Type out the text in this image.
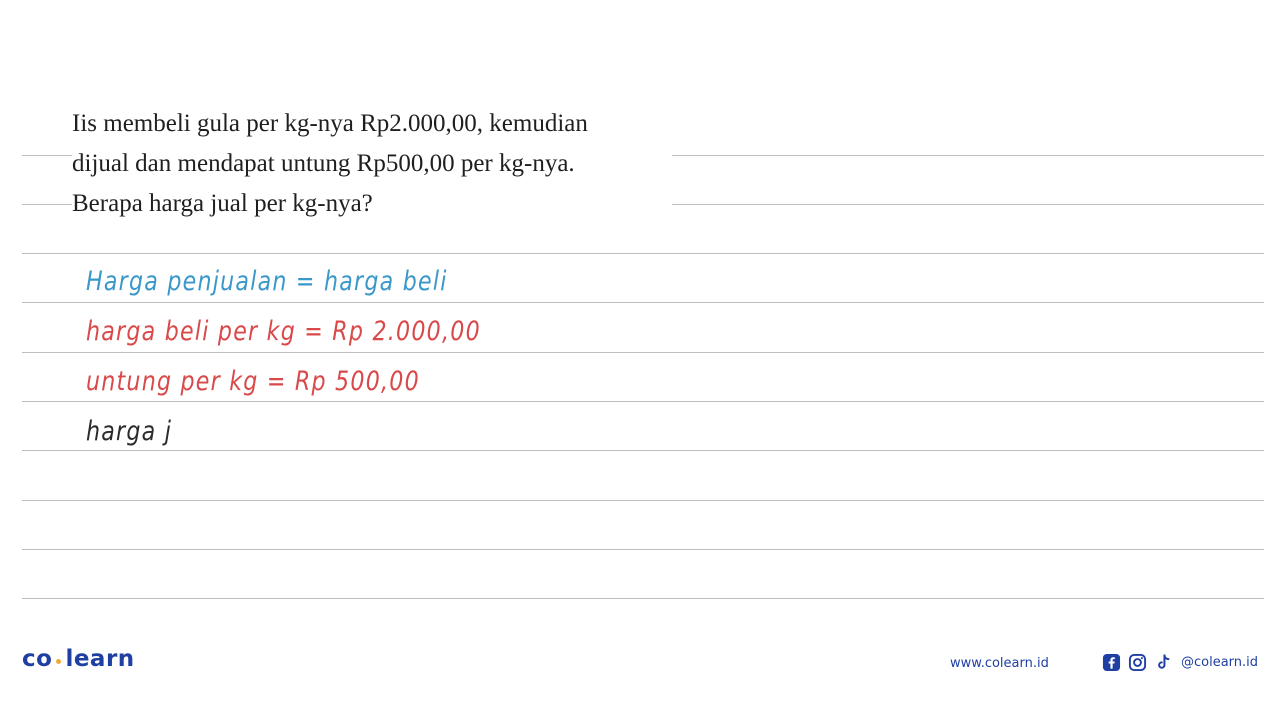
Iis membeli gula per kg-nya Rp2.000,00, kemudian
dijual dan mendapat untung Rp500,00 per kg-nya.
Berapa harga jual per kg-nya?
Harga penjualan = harga beli
harga beli per kg = Rp 2.000,00
untung per kg = Rp 500,00
harga j
co learn	www.colearn.id	@colearn.id
